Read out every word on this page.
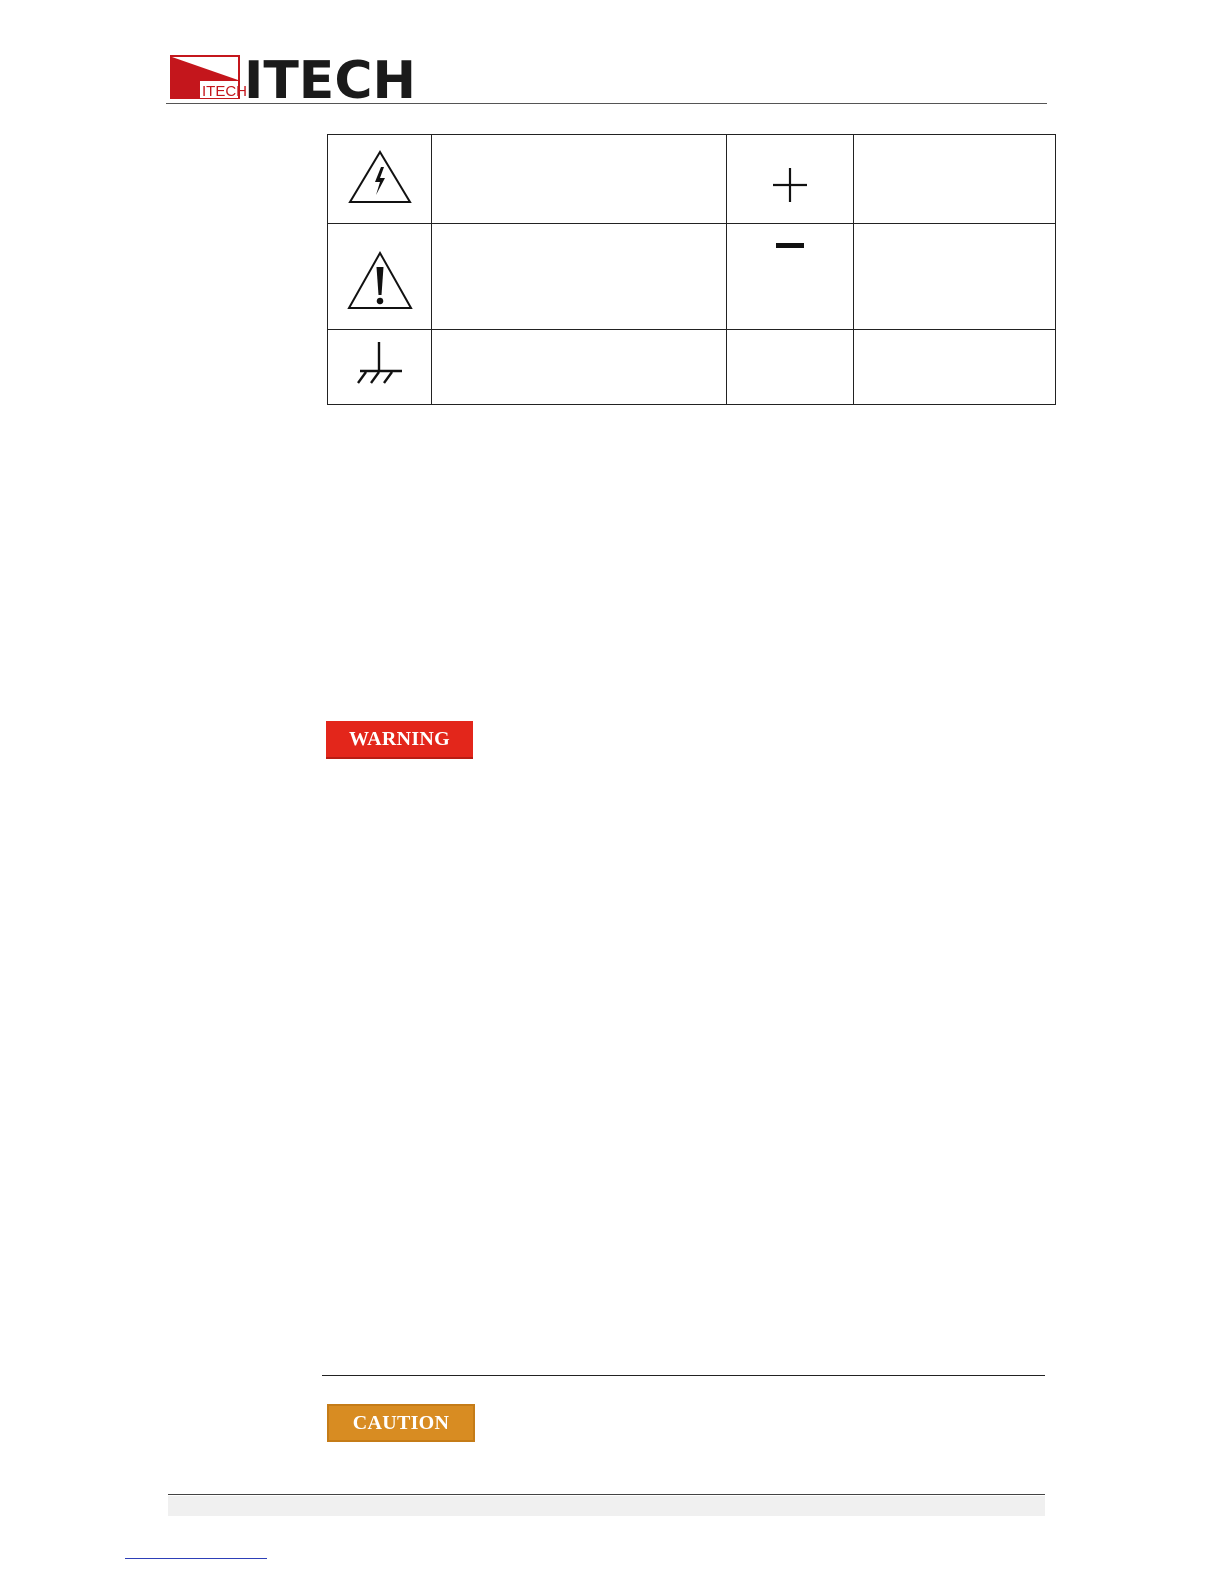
ITECH
ITECH

WARNING
CAUTION
